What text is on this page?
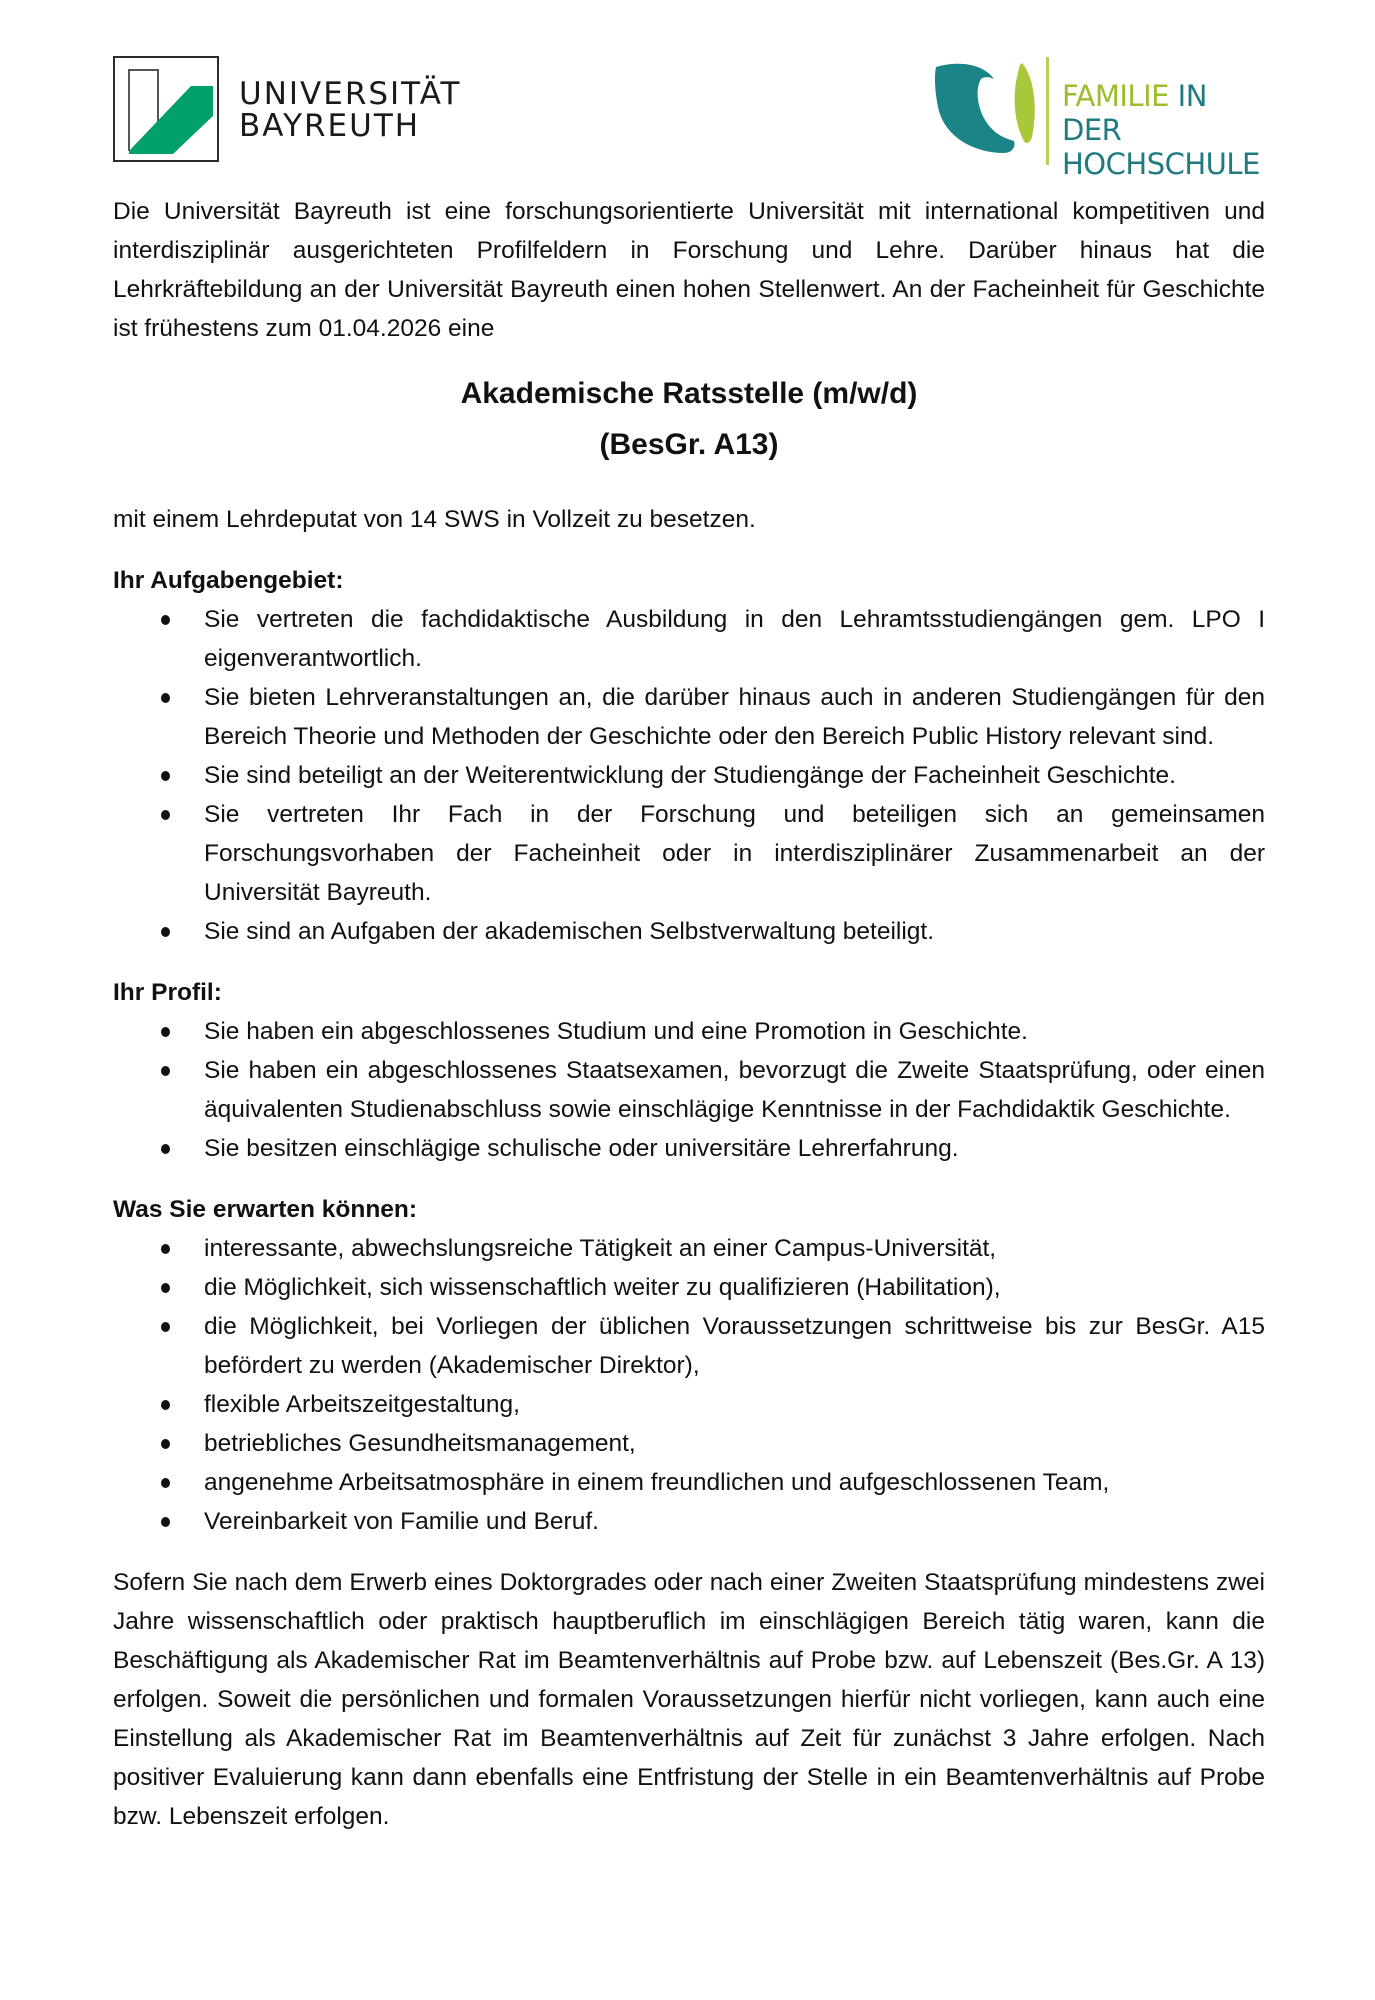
UNIVERSITÄT
BAYREUTH
FAMILIE IN DER
HOCHSCHULE

Die Universität Bayreuth ist eine forschungsorientierte Universität mit international kompetitiven und interdisziplinär ausgerichteten Profilfeldern in Forschung und Lehre. Darüber hinaus hat die Lehrkräftebildung an der Universität Bayreuth einen hohen Stellenwert. An der Facheinheit für Geschichte ist frühestens zum 01.04.2026 eine

Akademische Ratsstelle (m/w/d)
(BesGr. A13)

mit einem Lehrdeputat von 14 SWS in Vollzeit zu besetzen.

Ihr Aufgabengebiet:
Sie vertreten die fachdidaktische Ausbildung in den Lehramtsstudiengängen gem. LPO I eigenverantwortlich.
Sie bieten Lehrveranstaltungen an, die darüber hinaus auch in anderen Studiengängen für den Bereich Theorie und Methoden der Geschichte oder den Bereich Public History relevant sind.
Sie sind beteiligt an der Weiterentwicklung der Studiengänge der Facheinheit Geschichte.
Sie vertreten Ihr Fach in der Forschung und beteiligen sich an gemeinsamen Forschungsvorhaben der Facheinheit oder in interdisziplinärer Zusammenarbeit an der Universität Bayreuth.
Sie sind an Aufgaben der akademischen Selbstverwaltung beteiligt.
Ihr Profil:
Sie haben ein abgeschlossenes Studium und eine Promotion in Geschichte.
Sie haben ein abgeschlossenes Staatsexamen, bevorzugt die Zweite Staatsprüfung, oder einen äquivalenten Studienabschluss sowie einschlägige Kenntnisse in der Fachdidaktik Geschichte.
Sie besitzen einschlägige schulische oder universitäre Lehrerfahrung.
Was Sie erwarten können:
interessante, abwechslungsreiche Tätigkeit an einer Campus-Universität,
die Möglichkeit, sich wissenschaftlich weiter zu qualifizieren (Habilitation),
die Möglichkeit, bei Vorliegen der üblichen Voraussetzungen schrittweise bis zur BesGr. A15 befördert zu werden (Akademischer Direktor),
flexible Arbeitszeitgestaltung,
betriebliches Gesundheitsmanagement,
angenehme Arbeitsatmosphäre in einem freundlichen und aufgeschlossenen Team,
Vereinbarkeit von Familie und Beruf.

Sofern Sie nach dem Erwerb eines Doktorgrades oder nach einer Zweiten Staatsprüfung mindestens zwei Jahre wissenschaftlich oder praktisch hauptberuflich im einschlägigen Bereich tätig waren, kann die Beschäftigung als Akademischer Rat im Beamtenverhältnis auf Probe bzw. auf Lebenszeit (Bes.Gr. A 13) erfolgen. Soweit die persönlichen und formalen Voraussetzungen hierfür nicht vorliegen, kann auch eine Einstellung als Akademischer Rat im Beamtenverhältnis auf Zeit für zunächst 3 Jahre erfolgen. Nach positiver Evaluierung kann dann ebenfalls eine Entfristung der Stelle in ein Beamtenverhältnis auf Probe bzw. Lebenszeit erfolgen.
